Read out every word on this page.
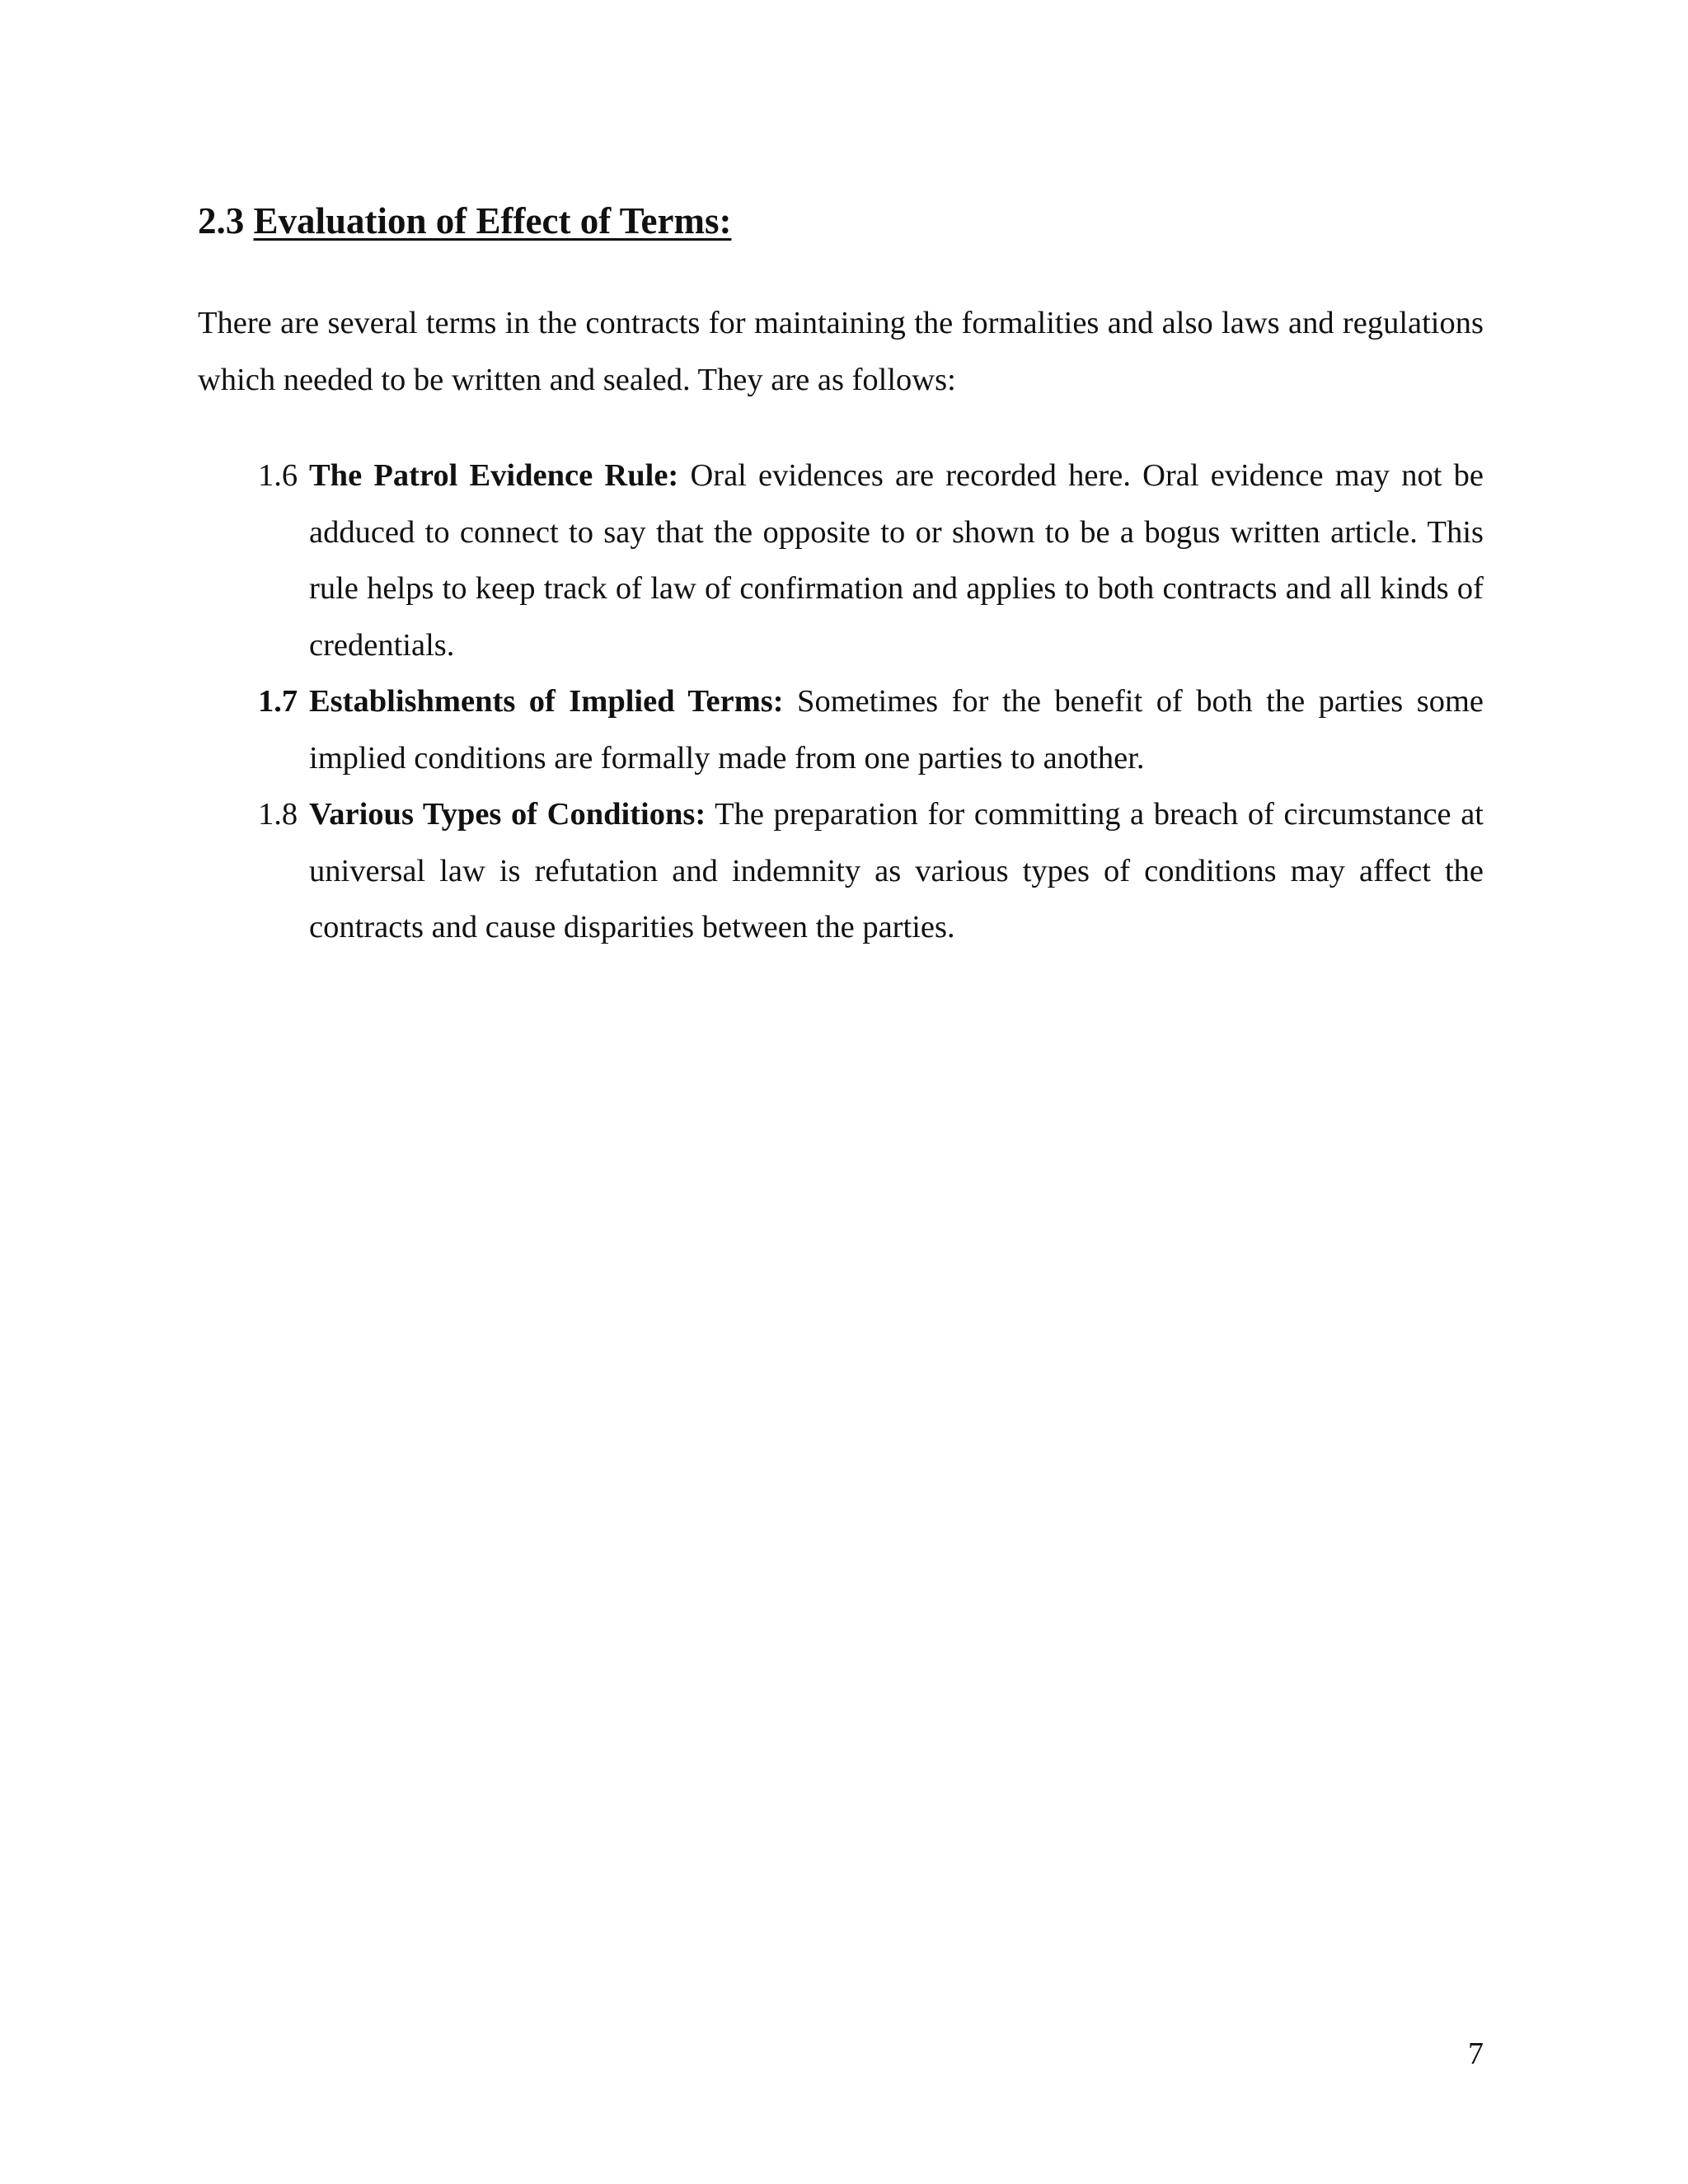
2.3 Evaluation of Effect of Terms:

There are several terms in the contracts for maintaining the formalities and also laws and regulations which needed to be written and sealed. They are as follows:

1.6 The Patrol Evidence Rule: Oral evidences are recorded here. Oral evidence may not be adduced to connect to say that the opposite to or shown to be a bogus written article. This rule helps to keep track of law of confirmation and applies to both contracts and all kinds of credentials.
1.7 Establishments of Implied Terms: Sometimes for the benefit of both the parties some implied conditions are formally made from one parties to another.
1.8 Various Types of Conditions: The preparation for committing a breach of circumstance at universal law is refutation and indemnity as various types of conditions may affect the contracts and cause disparities between the parties.
7
